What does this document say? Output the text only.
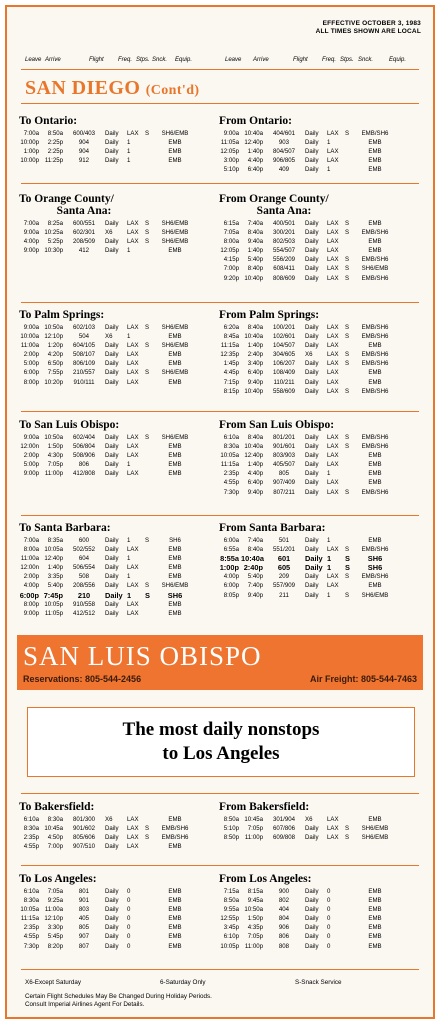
EFFECTIVE OCTOBER 3, 1983
ALL TIMES SHOWN ARE LOCAL
Leave Arrive	Flight Freq. Stps. Snck. Equip.	Leave Arrive	Flight Freq. Stps. Snck.	Equip.
SAN DIEGO (Cont'd)
To Ontario:
7:00a	8:50a	600/403	Daily	LAX	S	SH6/EMB
10:00p	2:25p	904	Daily	1	EMB
1:00p	2:25p	904	Daily	1	EMB
10:00p 11:25p	912	Daily	1	EMB
From Ontario:
9:00a 10:40a	404/601	Daily	LAX	S	EMB/SH6
11:05a 12:40p	903	Daily	1	EMB
12:05p	1:40p	804/507	Daily	LAX	EMB
3:00p	4:40p	906/805	Daily	LAX	EMB
5:10p	6:40p	409	Daily	1	EMB
To Orange County/
Santa Ana:
7:00a	8:25a	600/551	Daily	LAX	S	SH6/EMB
9:00a 10:25a	602/301	X6	LAX	S	SH6/EMB
4:00p	5:25p	208/509	Daily	LAX	S	SH6/EMB
9:00p 10:30p	412	Daily	1	EMB
From Orange County/
Santa Ana:
6:15a	7:40a	400/501	Daily	LAX	S	EMB
7:05a	8:40a	300/201	Daily	LAX	S	EMB/SH6
8:00a	9:40a	802/503	Daily	LAX	EMB
12:05p	1:40p	554/507	Daily	LAX	EMB
4:15p	5:40p	556/209	Daily	LAX	S	EMB/SH6
7:00p	8:40p	608/411	Daily	LAX	S	SH6/EMB
9:20p 10:40p	808/609	Daily	LAX	S	EMB/SH6
To Palm Springs:
9:00a 10:50a	602/103	Daily	LAX	S	SH6/EMB
10:00a 12:10p	504	X6	1	EMB
11:00a	1:20p	604/105	Daily	LAX	S	SH6/EMB
2:00p	4:20p	508/107	Daily	LAX	EMB
5:00p	6:50p	806/109	Daily	LAX	EMB
6:00p	7:55p	210/557	Daily	LAX	S	SH6/EMB
8:00p 10:20p	910/111	Daily	LAX	EMB
From Palm Springs:
6:20a	8:40a	100/201	Daily	LAX	S	EMB/SH6
8:45a 10:40a	102/601	Daily	LAX	S	EMB/SH6
11:15a	1:40p	104/507	Daily	LAX	EMB
12:35p	2:40p	304/605	X6	LAX	S	EMB/SH6
1:45p	3:40p	106/207	Daily	LAX	S	EMB/SH6
4:45p	6:40p	108/409	Daily	LAX	EMB
7:15p	9:40p	110/211	Daily	LAX	EMB
8:15p 10:40p	558/609	Daily	LAX	S	EMB/SH6
To San Luis Obispo:
9:00a 10:50a	602/404	Daily	LAX	S	SH6/EMB
12:00n	1:50p	506/804	Daily	LAX	EMB
2:00p	4:30p	508/906	Daily	LAX	EMB
5:00p	7:05p	806	Daily	1	EMB
9:00p 11:00p	412/808	Daily	LAX	EMB
From San Luis Obispo:
6:10a	8:40a	801/201	Daily	LAX	S	EMB/SH6
8:30a 10:40a	901/601	Daily	LAX	S	EMB/SH6
10:05a 12:40p	803/903	Daily	LAX	EMB
11:15a	1:40p	405/507	Daily	LAX	EMB
2:35p	4:40p	805	Daily	1	EMB
4:55p	6:40p	907/409	Daily	LAX	EMB
7:30p	9:40p	807/211	Daily	LAX	S	EMB/SH6
To Santa Barbara:
7:00a	8:35a	600	Daily	1	S	SH6
8:00a 10:05a	502/552	Daily	LAX	EMB
11:00a 12:40p	604	Daily	1	EMB
12:00n	1:40p	506/554	Daily	LAX	EMB
2:00p	3:35p	508	Daily	1	EMB
4:00p	5:40p	208/556	Daily	LAX	S	SH6/EMB
6:00p 7:45p	210	Daily 1	S	SH6
8:00p 10:05p	910/558	Daily	LAX	EMB
9:00p 11:05p	412/512	Daily	LAX	EMB
From Santa Barbara:
6:00a	7:40a	501	Daily	1	EMB
6:55a	8:40a	551/201	Daily	LAX	S	EMB/SH6
8:55a 10:40a	601	Daily 1	S	SH6
1:00p 2:40p	605	Daily 1	S	SH6
4:00p	5:40p	209	Daily	LAX	S	EMB/SH6
6:00p	7:40p	557/909	Daily	LAX	EMB
8:05p	9:40p	211	Daily	1	S	SH6/EMB
To Bakersfield:
6:10a	8:30a	801/300	X6	LAX	EMB
8:30a 10:45a	901/602	Daily	LAX	S	EMB/SH6
2:35p	4:50p	805/606	Daily	LAX	S	EMB/SH6
4:55p	7:00p	907/510	Daily	LAX	EMB
From Bakersfield:
8:50a 10:45a	301/904	X6	LAX	EMB
5:10p	7:05p	607/806	Daily	LAX	S	SH6/EMB
8:50p 11:00p	609/808	Daily	LAX	S	SH6/EMB
To Los Angeles:
6:10a	7:05a	801	Daily	0	EMB
8:30a	9:25a	901	Daily	0	EMB
10:05a 11:00a	803	Daily	0	EMB
11:15a 12:10p	405	Daily	0	EMB
2:35p	3:30p	805	Daily	0	EMB
4:55p	5:45p	907	Daily	0	EMB
7:30p	8:20p	807	Daily	0	EMB
From Los Angeles:
7:15a	8:15a	900	Daily	0	EMB
8:50a	9:45a	802	Daily	0	EMB
9:55a 10:50a	404	Daily	0	EMB
12:55p	1:50p	804	Daily	0	EMB
3:45p	4:35p	906	Daily	0	EMB
6:10p	7:05p	806	Daily	0	EMB
10:05p 11:00p	808	Daily	0	EMB
SAN LUIS OBISPO
Reservations: 805-544-2456	Air Freight: 805-544-7463
The most daily nonstops
to Los Angeles
X6-Except Saturday	6-Saturday Only	S-Snack Service
Certain Flight Schedules May Be Changed During Holiday Periods.
Consult Imperial Airlines Agent For Details.
